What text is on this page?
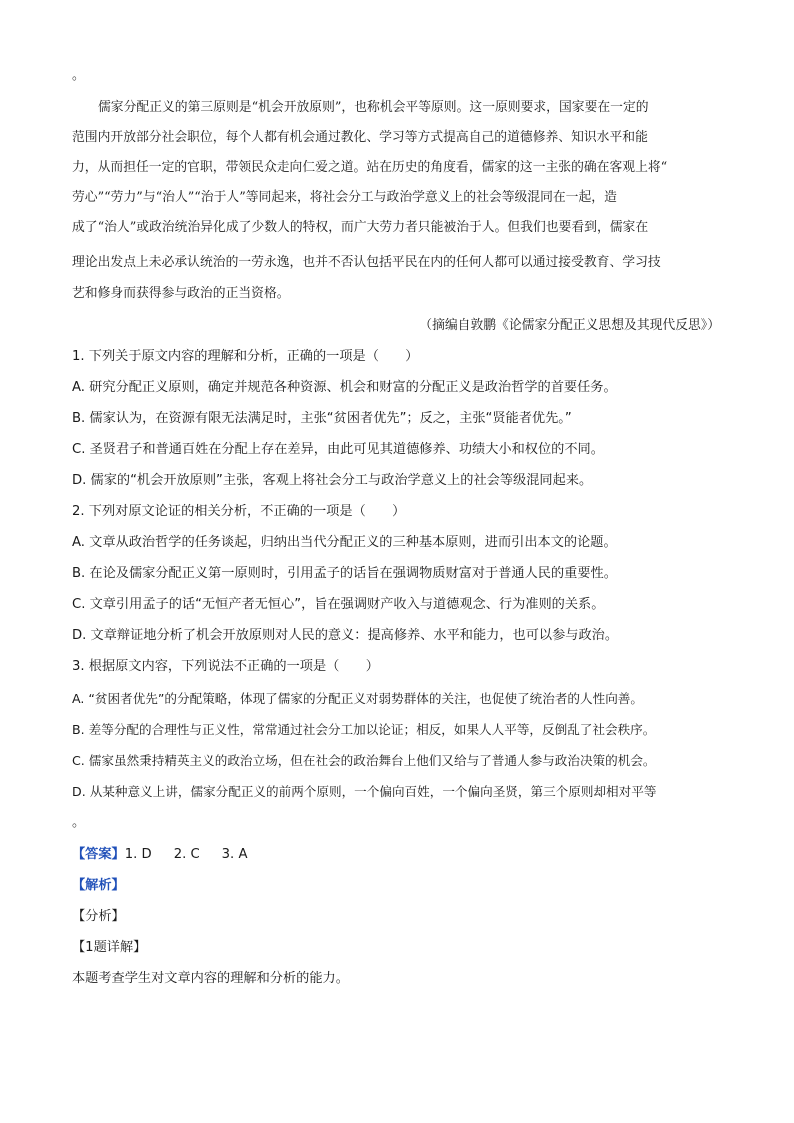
。
儒家分配正义的第三原则是“机会开放原则”，也称机会平等原则。这一原则要求，国家要在一定的
范围内开放部分社会职位，每个人都有机会通过教化、学习等方式提高自己的道德修养、知识水平和能
力，从而担任一定的官职，带领民众走向仁爱之道。站在历史的角度看，儒家的这一主张的确在客观上将“
劳心”“劳力”与“治人”“治于人”等同起来，将社会分工与政治学意义上的社会等级混同在一起，造
成了“治人”或政治统治异化成了少数人的特权，而广大劳力者只能被治于人。但我们也要看到，儒家在
理论出发点上未必承认统治的一劳永逸，也并不否认包括平民在内的任何人都可以通过接受教育、学习技
艺和修身而获得参与政治的正当资格。
（摘编自敦鹏《论儒家分配正义思想及其现代反思》）
1. 下列关于原文内容的理解和分析，正确的一项是（　　）
A. 研究分配正义原则，确定并规范各种资源、机会和财富的分配正义是政治哲学的首要任务。
B. 儒家认为，在资源有限无法满足时，主张“贫困者优先”；反之，主张“贤能者优先。”
C. 圣贤君子和普通百姓在分配上存在差异，由此可见其道德修养、功绩大小和权位的不同。
D. 儒家的“机会开放原则”主张，客观上将社会分工与政治学意义上的社会等级混同起来。
2. 下列对原文论证的相关分析，不正确的一项是（　　）
A. 文章从政治哲学的任务谈起，归纳出当代分配正义的三种基本原则，进而引出本文的论题。
B. 在论及儒家分配正义第一原则时，引用孟子的话旨在强调物质财富对于普通人民的重要性。
C. 文章引用孟子的话“无恒产者无恒心”，旨在强调财产收入与道德观念、行为准则的关系。
D. 文章辩证地分析了机会开放原则对人民的意义：提高修养、水平和能力，也可以参与政治。
3. 根据原文内容，下列说法不正确的一项是（　　）
A. “贫困者优先”的分配策略，体现了儒家的分配正义对弱势群体的关注，也促使了统治者的人性向善。
B. 差等分配的合理性与正义性，常常通过社会分工加以论证；相反，如果人人平等，反倒乱了社会秩序。
C. 儒家虽然秉持精英主义的政治立场，但在社会的政治舞台上他们又给与了普通人参与政治决策的机会。
D. 从某种意义上讲，儒家分配正义的前两个原则，一个偏向百姓，一个偏向圣贤，第三个原则却相对平等
。
【答案】1. D 2. C 3. A
【解析】
【分析】
【1题详解】
本题考查学生对文章内容的理解和分析的能力。
